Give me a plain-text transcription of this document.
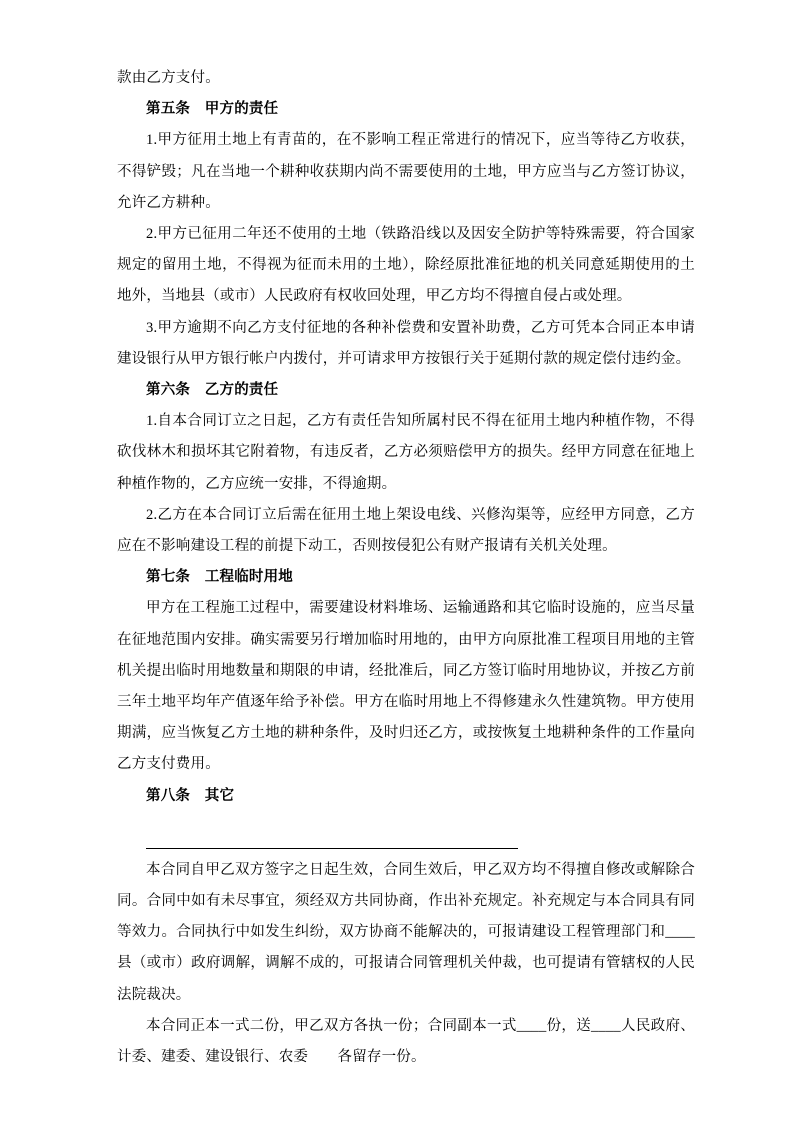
款由乙方支付。

第五条　甲方的责任

1.甲方征用土地上有青苗的，在不影响工程正常进行的情况下，应当等待乙方收获，不得铲毁；凡在当地一个耕种收获期内尚不需要使用的土地，甲方应当与乙方签订协议，允许乙方耕种。

2.甲方已征用二年还不使用的土地（铁路沿线以及因安全防护等特殊需要，符合国家规定的留用土地，不得视为征而未用的土地），除经原批准征地的机关同意延期使用的土地外，当地县（或市）人民政府有权收回处理，甲乙方均不得擅自侵占或处理。

3.甲方逾期不向乙方支付征地的各种补偿费和安置补助费，乙方可凭本合同正本申请建设银行从甲方银行帐户内拨付，并可请求甲方按银行关于延期付款的规定偿付违约金。

第六条　乙方的责任

1.自本合同订立之日起，乙方有责任告知所属村民不得在征用土地内种植作物，不得砍伐林木和损坏其它附着物，有违反者，乙方必须赔偿甲方的损失。经甲方同意在征地上种植作物的，乙方应统一安排，不得逾期。

2.乙方在本合同订立后需在征用土地上架设电线、兴修沟渠等，应经甲方同意，乙方应在不影响建设工程的前提下动工，否则按侵犯公有财产报请有关机关处理。

第七条　工程临时用地

甲方在工程施工过程中，需要建设材料堆场、运输通路和其它临时设施的，应当尽量在征地范围内安排。确实需要另行增加临时用地的，由甲方向原批准工程项目用地的主管机关提出临时用地数量和期限的申请，经批准后，同乙方签订临时用地协议，并按乙方前三年土地平均年产值逐年给予补偿。甲方在临时用地上不得修建永久性建筑物。甲方使用期满，应当恢复乙方土地的耕种条件，及时归还乙方，或按恢复土地耕种条件的工作量向乙方支付费用。

第八条　其它

本合同自甲乙双方签字之日起生效，合同生效后，甲乙双方均不得擅自修改或解除合同。合同中如有未尽事宜，须经双方共同协商，作出补充规定。补充规定与本合同具有同等效力。合同执行中如发生纠纷，双方协商不能解决的，可报请建设工程管理部门和____县（或市）政府调解，调解不成的，可报请合同管理机关仲裁，也可提请有管辖权的人民法院裁决。

本合同正本一式二份，甲乙双方各执一份；合同副本一式____份，送____人民政府、计委、建委、建设银行、农委　　各留存一份。
